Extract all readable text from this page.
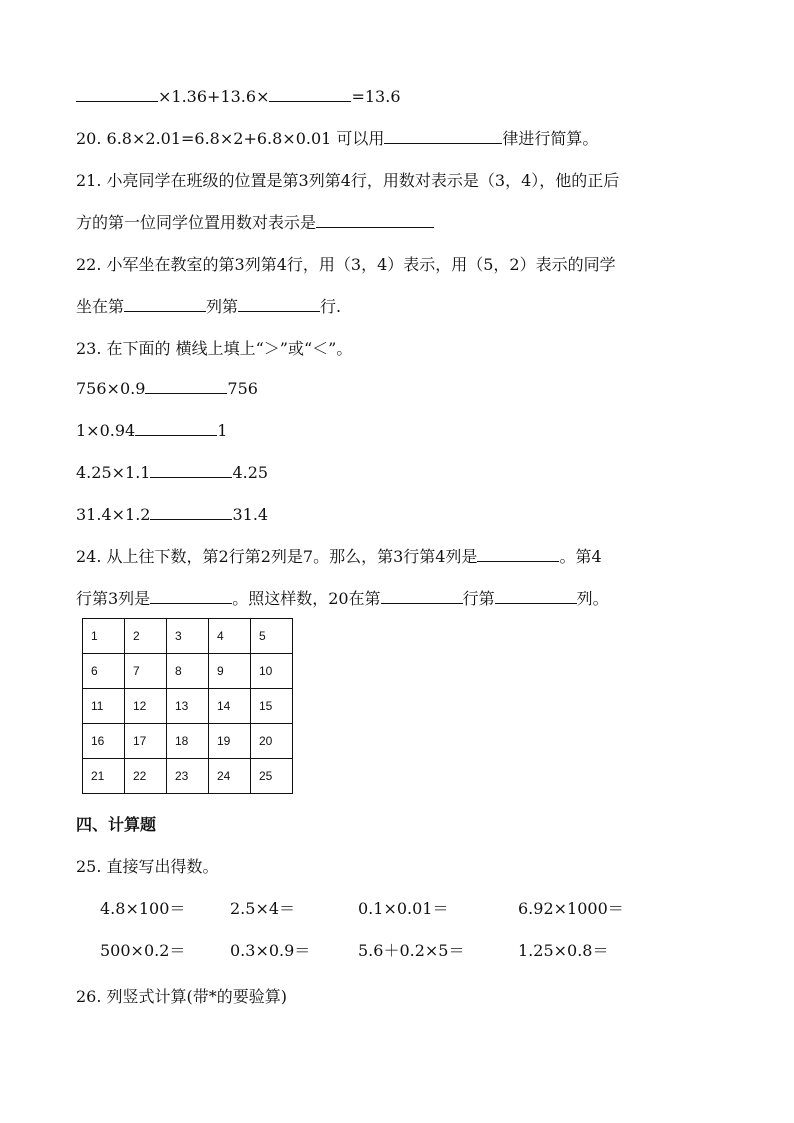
×1.36+13.6×	=13.6
20. 6.8×2.01=6.8×2+6.8×0.01 可以用	律进行简算。
21. 小亮同学在班级的位置是第3列第4行，用数对表示是（3，4），他的正后
方的第一位同学位置用数对表示是
22. 小军坐在教室的第3列第4行，用（3，4）表示，用（5，2）表示的同学
坐在第	列第	行.
23. 在下面的 横线上填上“＞”或“＜”。
756×0.9	756
1×0.94	1
4.25×1.1	4.25
31.4×1.2	31.4
24. 从上往下数，第2行第2列是7。那么，第3行第4列是	。第4
行第3列是	。照这样数，20在第	行第	列。
1	2	3	4	5
6	7	8	9	10
11	12	13	14	15
16	17	18	19	20
21	22	23	24	25
四、计算题
25. 直接写出得数。
4.8×100＝	2.5×4＝	0.1×0.01＝	6.92×1000＝
500×0.2＝	0.3×0.9＝	5.6＋0.2×5＝	1.25×0.8＝
26. 列竖式计算(带*的要验算)
